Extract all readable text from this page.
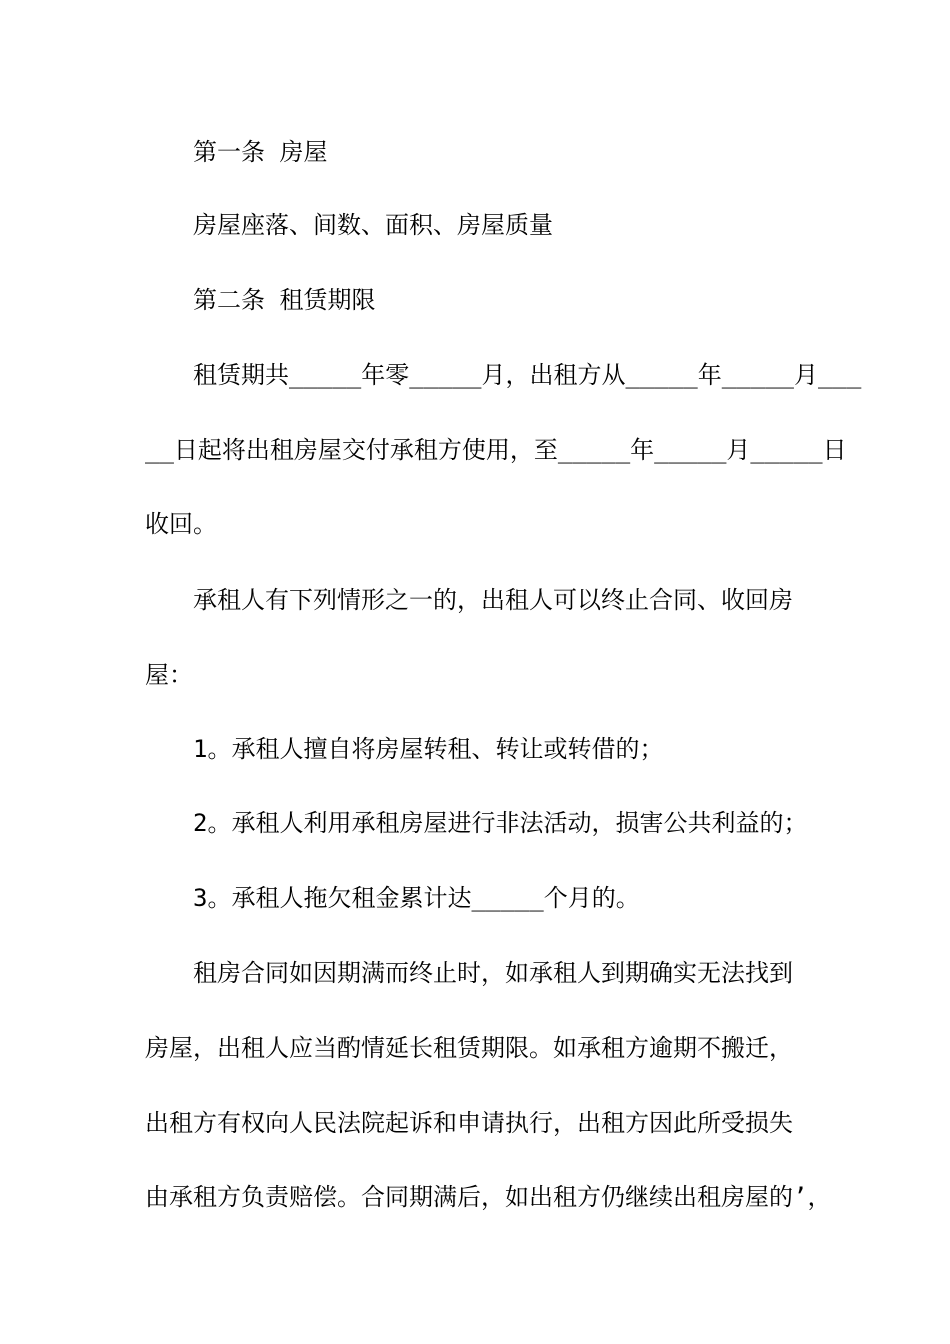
第一条 房屋
房屋座落、间数、面积、房屋质量
第二条 租赁期限
租赁期共_____年零_____月，出租方从_____年_____月___
__日起将出租房屋交付承租方使用，至_____年_____月_____日
收回。
承租人有下列情形之一的，出租人可以终止合同、收回房
屋：
1。承租人擅自将房屋转租、转让或转借的；
2。承租人利用承租房屋进行非法活动，损害公共利益的；
3。承租人拖欠租金累计达_____个月的。
租房合同如因期满而终止时，如承租人到期确实无法找到
房屋，出租人应当酌情延长租赁期限。如承租方逾期不搬迁，
出租方有权向人民法院起诉和申请执行，出租方因此所受损失
由承租方负责赔偿。合同期满后，如出租方仍继续出租房屋的’，
